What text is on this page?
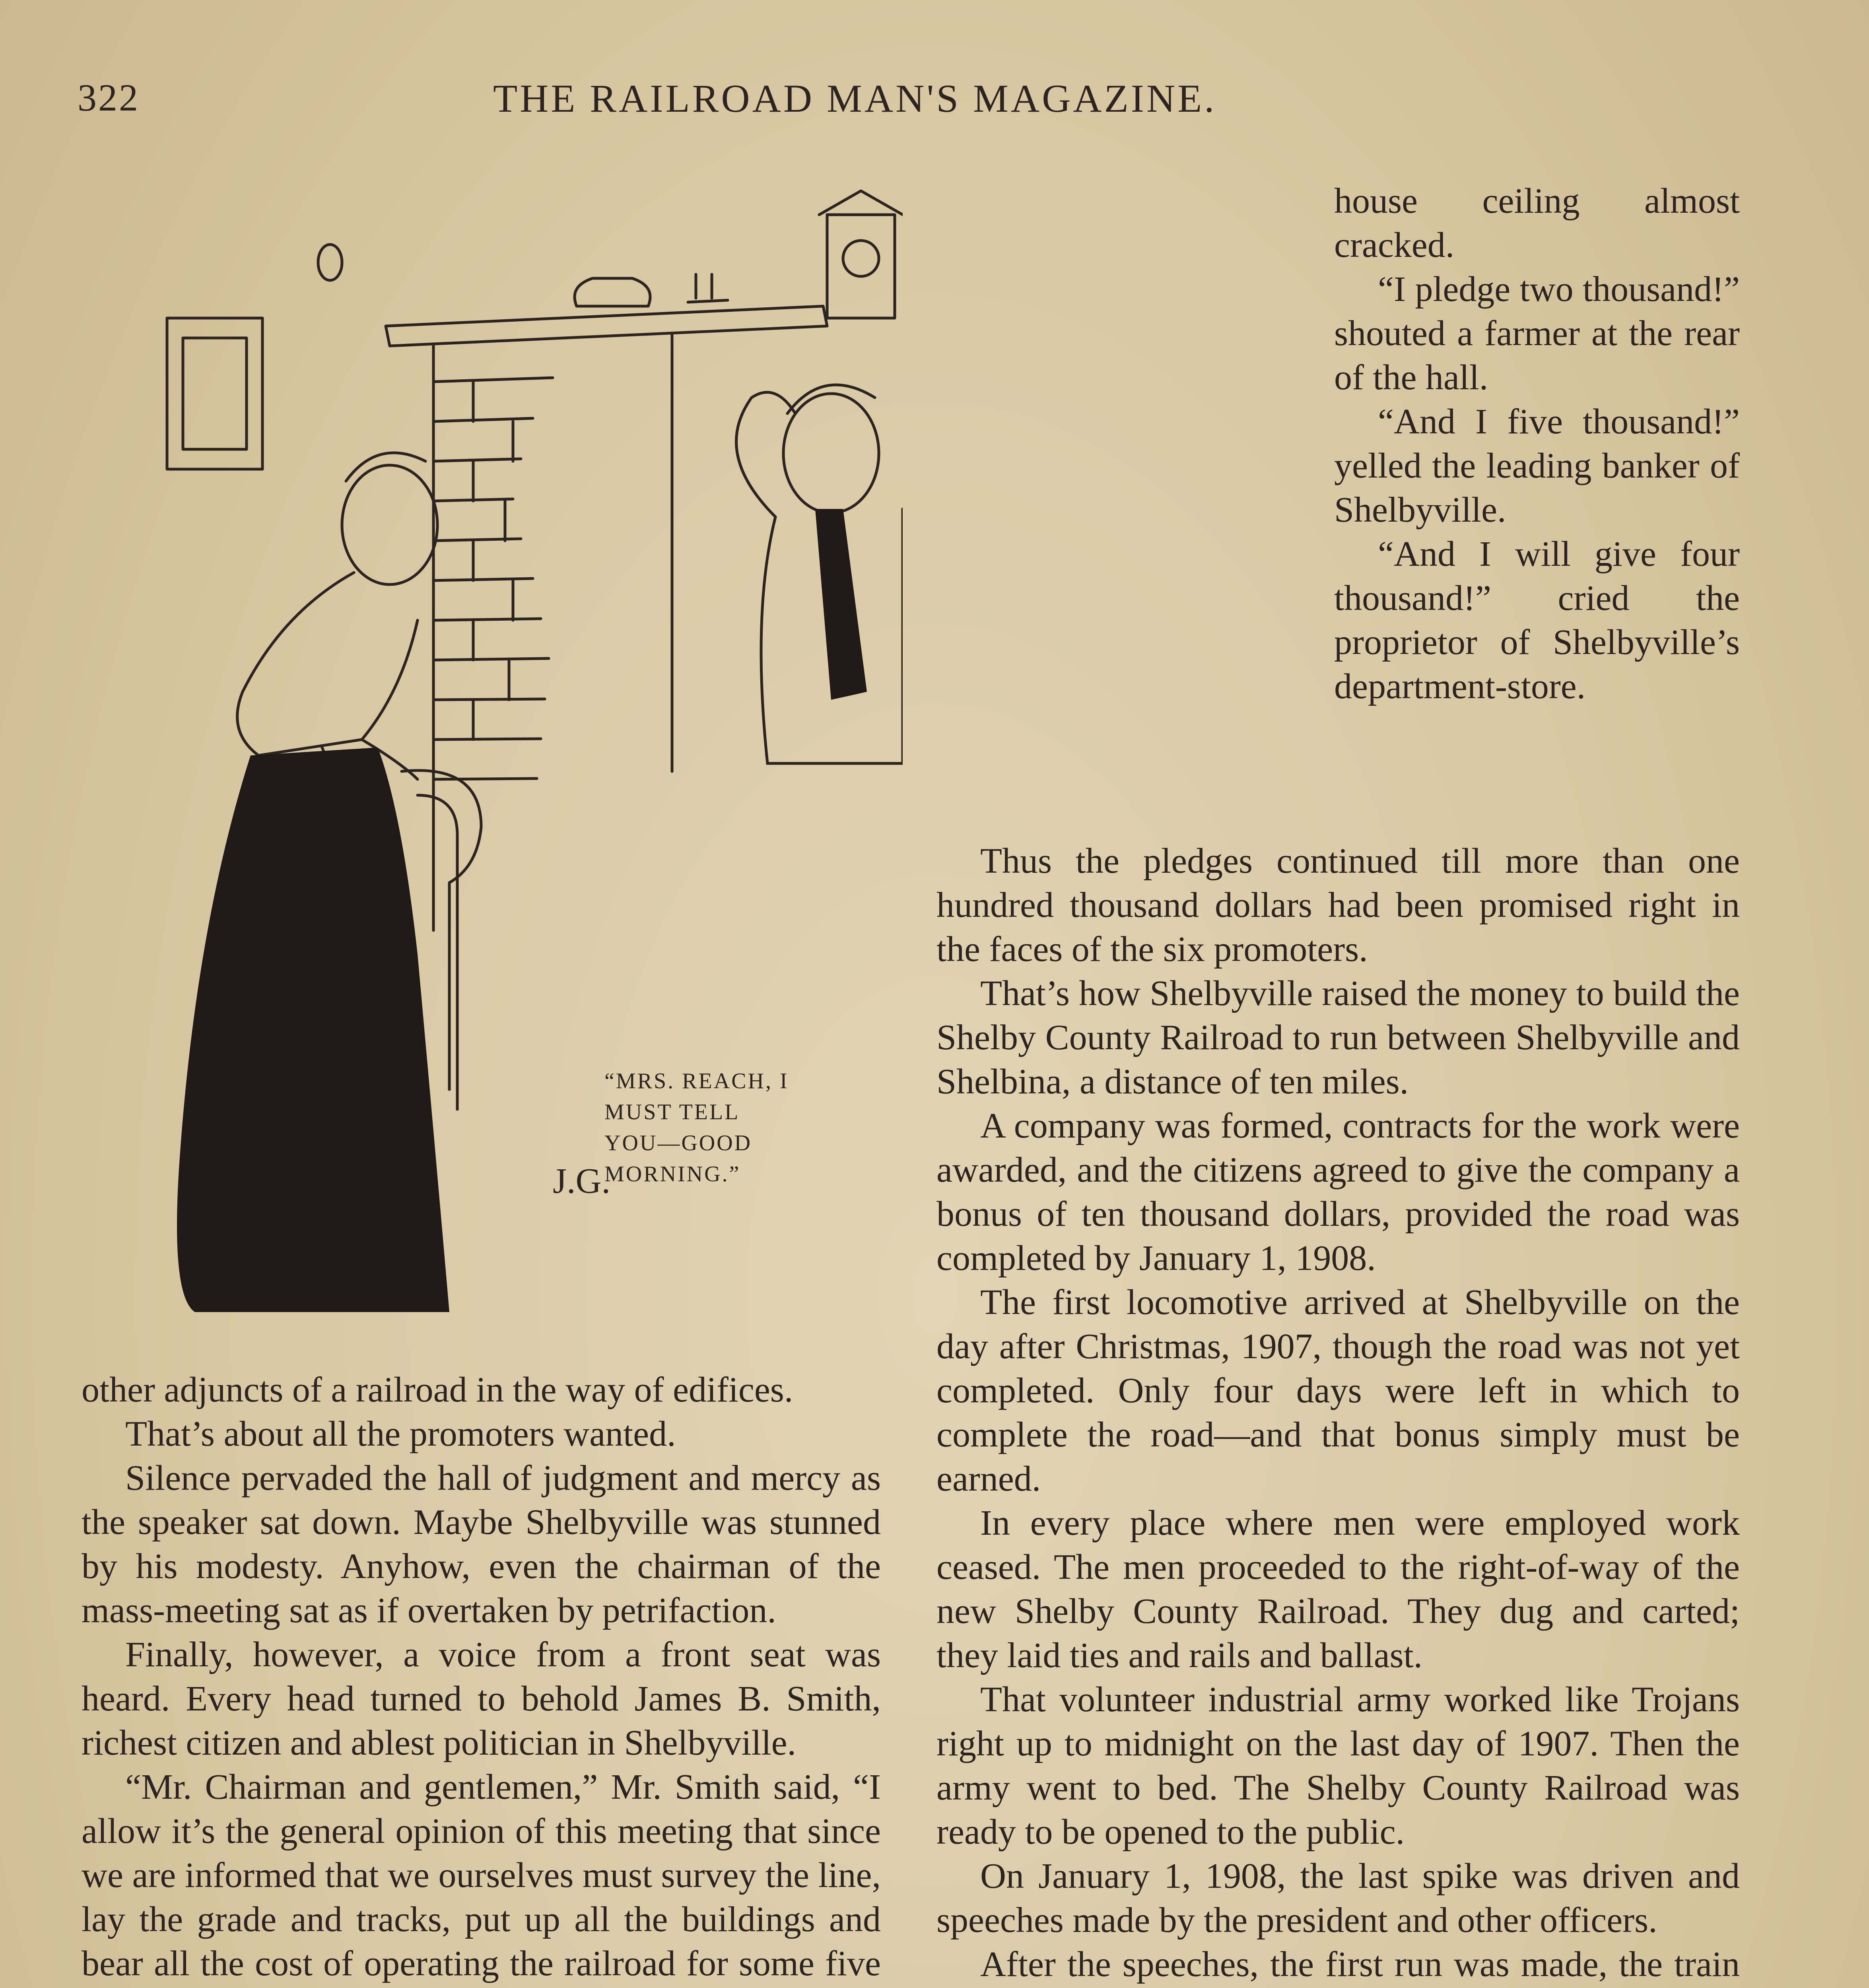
322	THE RAILROAD MAN'S MAGAZINE.
J.G.
“MRS. REACH, I
MUST TELL
YOU—GOOD
MORNING.”

house ceiling almost cracked.

“I pledge two thousand!” shouted a farmer at the rear of the hall.

“And I five thousand!” yelled the leading banker of Shelbyville.

“And I will give four thousand!” cried the proprietor of Shelbyville’s department-store.

other adjuncts of a railroad in the way of edifices.

That’s about all the promoters wanted.

Silence pervaded the hall of judgment and mercy as the speaker sat down. Maybe Shelbyville was stunned by his modesty. Anyhow, even the chairman of the mass-meeting sat as if overtaken by petrifaction.

Finally, however, a voice from a front seat was heard. Every head turned to behold James B. Smith, richest citizen and ablest politician in Shelbyville.

“Mr. Chairman and gentlemen,” Mr. Smith said, “I allow it’s the general opinion of this meeting that since we are informed that we ourselves must survey the line, lay the grade and tracks, put up all the buildings and bear all the cost of operating the railroad for some five

Thus the pledges continued till more than one hundred thousand dollars had been promised right in the faces of the six promoters.

That’s how Shelbyville raised the money to build the Shelby County Railroad to run between Shelbyville and Shelbina, a distance of ten miles.

A company was formed, contracts for the work were awarded, and the citizens agreed to give the company a bonus of ten thousand dollars, provided the road was completed by January 1, 1908.

The first locomotive arrived at Shelbyville on the day after Christmas, 1907, though the road was not yet completed. Only four days were left in which to complete the road—and that bonus simply must be earned.

In every place where men were employed work ceased. The men proceeded to the right-of-way of the new Shelby County Railroad. They dug and carted; they laid ties and rails and ballast.

That volunteer industrial army worked like Trojans right up to midnight on the last day of 1907. Then the army went to bed. The Shelby County Railroad was ready to be opened to the public.

On January 1, 1908, the last spike was driven and speeches made by the president and other officers.

After the speeches, the first run was made, the train
